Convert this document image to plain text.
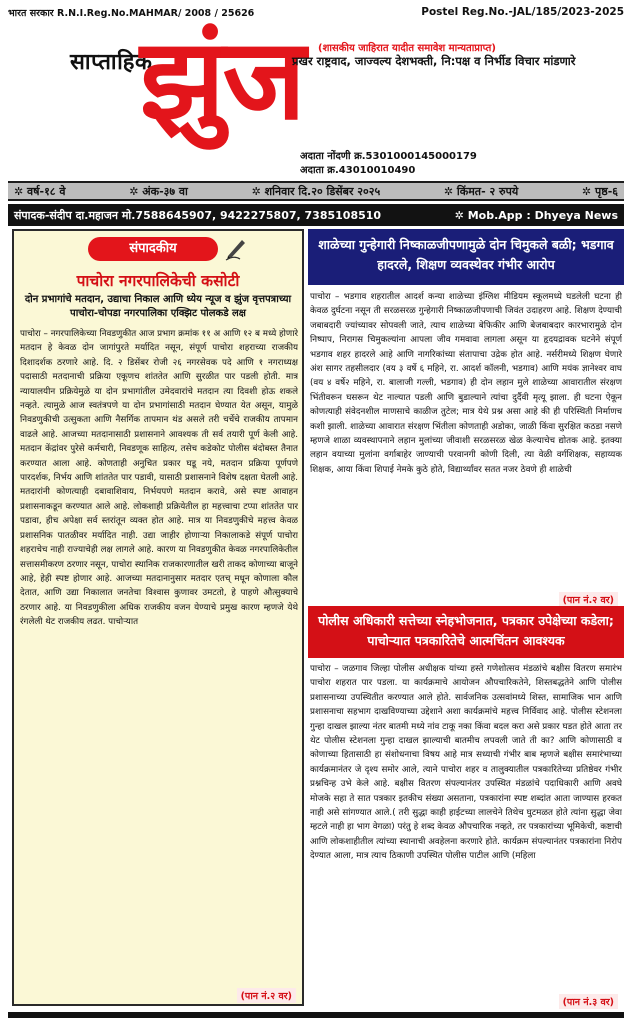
भारत सरकार R.N.I.Reg.No.MAHMAR/ 2008 / 25626	Postel Reg.No.-JAL/185/2023-2025
साप्ताहिक
झुंज (शासकीय जाहिरात यादीत समावेश मान्यताप्राप्त)
प्रखर राष्ट्रवाद, जाज्वल्य देशभक्ती, नि:पक्ष व निर्भीड विचार मांडणारे
अदाता नोंदणी क्र.5301000145000179
अदाता क्र.43010010490
✲ वर्ष-१८ वे	✲ अंक-३७ वा	✲ शनिवार दि.२० डिसेंबर २०२५	✲ किंमत- २ रुपये	✲ पृष्ठ-६
संपादक-संदीप दा.महाजन मो.7588645907, 9422275807, 7385108510	✲ Mob.App : Dhyeya News
संपादकीय
पाचोरा नगरपालिकेची कसोटी
दोन प्रभागांचे मतदान, उद्याचा निकाल आणि ध्येय न्यूज व झुंज वृत्तपत्राच्या पाचोरा-चोपडा नगरपालिका एक्झिट पोलकडे लक्ष
पाचोरा – नगरपालिकेच्या निवडणुकीत आज प्रभाग क्रमांक ११ अ आणि १२ ब मध्ये होणारे मतदान हे केवळ दोन जागांपुरते मर्यादित नसून, संपूर्ण पाचोरा शहराच्या राजकीय दिशादर्शक ठरणारे आहे. दि. २ डिसेंबर रोजी २६ नगरसेवक पदे आणि १ नगराध्यक्ष पदासाठी मतदानाची प्रक्रिया एकूणच शांततेत आणि सुरळीत पार पडली होती. मात्र न्यायालयीन प्रक्रियेमुळे या दोन प्रभागांतील उमेदवारांचे मतदान त्या दिवशी होऊ शकले नव्हते. त्यामुळे आज स्वतंत्रपणे या दोन प्रभागांसाठी मतदान घेण्यात येत असून, यामुळे निवडणुकीची उत्सुकता आणि नैसर्गिक तापमान थंड असले तरी चर्चेचे राजकीय तापमान वाढले आहे. आजच्या मतदानासाठी प्रशासनाने आवश्यक ती सर्व तयारी पूर्ण केली आहे. मतदान केंद्रांवर पुरेसे कर्मचारी, निवडणूक साहित्य, तसेच कडेकोट पोलीस बंदोबस्त तैनात करण्यात आला आहे. कोणताही अनुचित प्रकार घडू नये, मतदान प्रक्रिया पूर्णपणे पारदर्शक, निर्भय आणि शांततेत पार पडावी, यासाठी प्रशासनाने विशेष दक्षता घेतली आहे. मतदारांनी कोणत्याही दबावाशिवाय, निर्भयपणे मतदान करावे, असे स्पष्ट आवाहन प्रशासनाकडून करण्यात आले आहे. लोकशाही प्रक्रियेतील हा महत्त्वाचा टप्पा शांततेत पार पडावा, हीच अपेक्षा सर्व स्तरांतून व्यक्त होत आहे. मात्र या निवडणुकीचे महत्त्व केवळ प्रशासनिक पातळीवर मर्यादित नाही. उद्या जाहीर होणाऱ्या निकालाकडे संपूर्ण पाचोरा शहराचेच नाही राज्याचेही लक्ष लागले आहे. कारण या निवडणुकीत केवळ नगरपालिकेतील सत्तासमीकरण ठरणार नसून, पाचोरा स्थानिक राजकारणातील खरी ताकद कोणाच्या बाजूने आहे, हेही स्पष्ट होणार आहे. आजच्या मतदानानुसार मतदार एतच् मधून कोणाला कौल देतात, आणि उद्या निकालात जनतेचा विश्वास कुणावर उमटतो, हे पाहणे औत्सुक्याचे ठरणार आहे. या निवडणुकीला अधिक राजकीय वजन येण्याचे प्रमुख कारण म्हणजे येथे रंगलेली थेट राजकीय लढत. पाचोऱ्यात
(पान नं.२ वर)
शाळेच्या गुन्हेगारी निष्काळजीपणामुळे दोन चिमुकले बळी; भडगाव हादरले, शिक्षण व्यवस्थेवर गंभीर आरोप
पाचोरा – भडगाव शहरातील आदर्श कन्या शाळेच्या इंग्लिश मीडियम स्कूलमध्ये घडलेली घटना ही केवळ दुर्घटना नसून ती सरळसरळ गुन्हेगारी निष्काळजीपणाची जिवंत उदाहरण आहे. शिक्षण देण्याची जबाबदारी ज्यांच्यावर सोपवली जाते, त्याच शाळेच्या बेफिकीर आणि बेजबाबदार कारभारामुळे दोन निष्पाप, निरागस चिमुकल्यांना आपला जीव गमवावा लागला असून या हृदयद्रावक घटनेने संपूर्ण भडगाव शहर हादरले आहे आणि नागरिकांच्या संतापाचा उद्रेक होत आहे. नर्सरीमध्ये शिक्षण घेणारे अंश सागर तहसीलदार (वय ३ वर्षे ६ महिने, रा. आदर्श कॉलनी, भडगाव) आणि मयंक ज्ञानेश्वर वाघ (वय ४ वर्षे२ महिने, रा. बालाजी गल्ली, भडगाव) ही दोन लहान मुले शाळेच्या आवारातील संरक्षण भिंतीवरून घसरून थेट नाल्यात पडली आणि बुडाल्याने त्यांचा दुर्दैवी मृत्यू झाला. ही घटना ऐकून कोणत्याही संवेदनशील माणसाचे काळीज तुटेल; मात्र येथे प्रश्न असा आहे की ही परिस्थिती निर्माणच कशी झाली. शाळेच्या आवारात संरक्षण भिंतीला कोणताही अडोका, जाळी किंवा सुरक्षित कठडा नसणे म्हणजे शाळा व्यवस्थापनाने लहान मुलांच्या जीवाशी सरळसरळ खेळ केल्याचेच द्योतक आहे. इतक्या लहान वयाच्या मुलांना वर्गाबाहेर जाण्याची परवानगी कोणी दिली, त्या वेळी वर्गशिक्षक, सहाय्यक शिक्षक, आया किंवा शिपाई नेमके कुठे होते, विद्यार्थ्यांवर सतत नजर ठेवणे ही शाळेची
(पान नं.२ वर)
पोलीस अधिकारी सत्तेच्या स्नेहभोजनात, पत्रकार उपेक्षेच्या कडेला; पाचोऱ्यात पत्रकारितेचे आत्मचिंतन आवश्यक
पाचोरा – जळगाव जिल्हा पोलीस अधीक्षक यांच्या हस्ते गणेशोत्सव मंडळांचे बक्षीस वितरण समारंभ पाचोरा शहरात पार पडला. या कार्यक्रमाचे आयोजन औपचारिकतेने, शिस्तबद्धतेने आणि पोलीस प्रशासनाच्या उपस्थितीत करण्यात आले होते. सार्वजनिक उत्सवांमध्ये शिस्त, सामाजिक भान आणि प्रशासनाचा सहभाग दाखविण्याच्या उद्देशाने अशा कार्यक्रमांचे महत्त्व निर्विवाद आहे. पोलीस स्टेशनला गुन्हा दाखल झाल्या नंतर बातमी मध्ये नांव टाकू नका किंवा बदल करा असे प्रकार घडत होते आता तर थेट पोलीस स्टेशनला गुन्हा दाखल झाल्याची बातमीच लपवली जाते ती का? आणि कोणासाठी व कोणाच्या हितासाठी हा संशोधनाचा विषय आहे मात्र सध्याची गंभीर बाब म्हणजे बक्षीस समारंभाच्या कार्यक्रमानंतर जे दृश्य समोर आले, त्याने पाचोरा शहर व तालुक्यातील पत्रकारितेच्या प्रतिष्ठेवर गंभीर प्रश्नचिन्ह उभे केले आहे. बक्षीस वितरण संपल्यानंतर उपस्थित मंडळांचे पदाधिकारी आणि अवघे मोजके सहा ते सात पत्रकार इतकीच संख्या असताना, पत्रकारांना स्पष्ट शब्दांत आता जाण्यास हरकत नाही असे सांगण्यात आले.( तरी सुद्धा काही हाईटच्या लालचेने तिथेच घुटमळत होते त्यांना सुद्धा जेवा म्हटले नाही हा भाग वेगळा) परंतु हे शब्द केवळ औपचारिक नव्हते, तर पत्रकारांच्या भूमिकेची, कष्टाची आणि लोकशाहीतील त्यांच्या स्थानाची अवहेलना करणारे होते. कार्यक्रम संपल्यानंतर पत्रकारांना निरोप देण्यात आला, मात्र त्याच ठिकाणी उपस्थित पोलीस पाटील आणि (महिला
(पान नं.३ वर)
